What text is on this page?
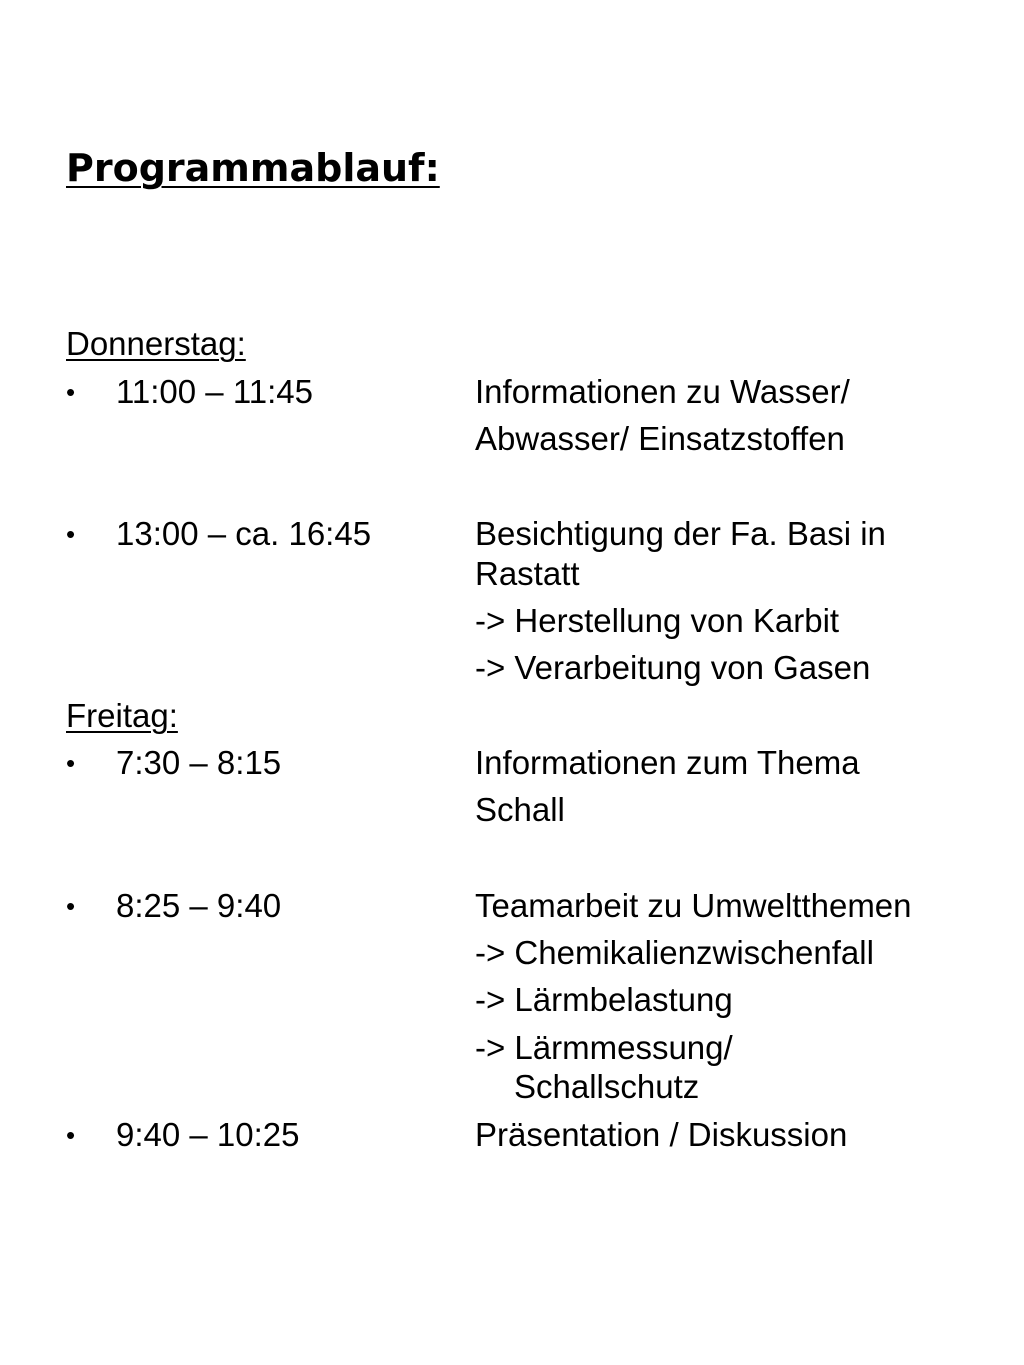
Programmablauf:
Donnerstag:
• 11:00 – 11:45	Informationen zu Wasser/
Abwasser/ Einsatzstoffen
• 13:00 – ca. 16:45	Besichtigung der Fa. Basi in
Rastatt
-> Herstellung von Karbit
-> Verarbeitung von Gasen
Freitag:
• 7:30 – 8:15	Informationen zum Thema
Schall
• 8:25 – 9:40	Teamarbeit zu Umweltthemen
-> Chemikalienzwischenfall
-> Lärmbelastung
-> Lärmmessung/
Schallschutz
• 9:40 – 10:25	Präsentation / Diskussion
